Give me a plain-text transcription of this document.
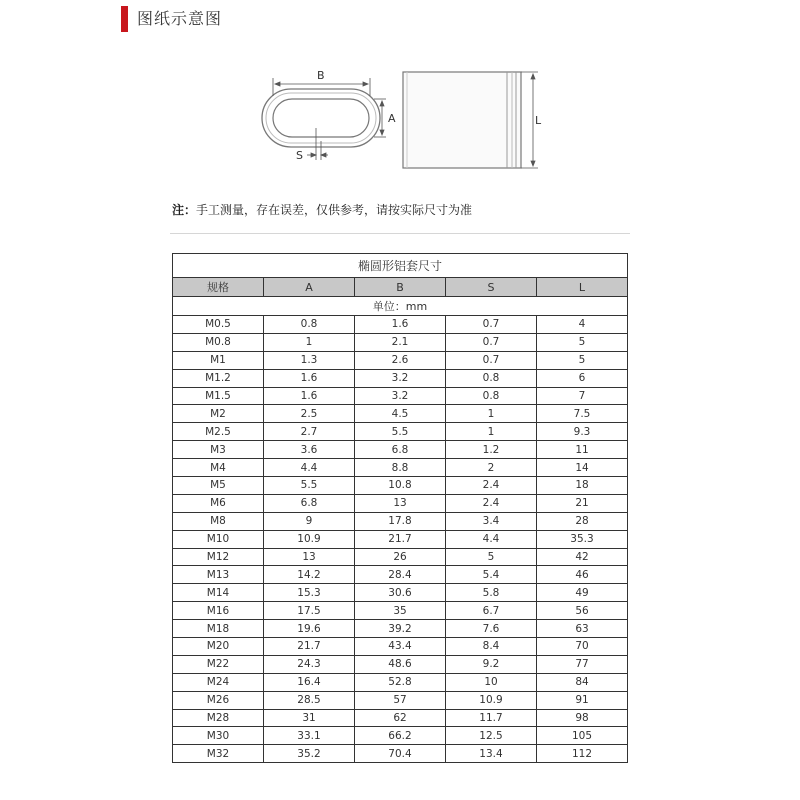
图纸示意图
B
A
S
L
注：手工测量，存在误差，仅供参考，请按实际尺寸为准
椭圆形铝套尺寸				
规格	A	B	S	L
单位：mm				
M0.5	0.8	1.6	0.7	4
M0.8	1	2.1	0.7	5
M1	1.3	2.6	0.7	5
M1.2	1.6	3.2	0.8	6
M1.5	1.6	3.2	0.8	7
M2	2.5	4.5	1	7.5
M2.5	2.7	5.5	1	9.3
M3	3.6	6.8	1.2	11
M4	4.4	8.8	2	14
M5	5.5	10.8	2.4	18
M6	6.8	13	2.4	21
M8	9	17.8	3.4	28
M10	10.9	21.7	4.4	35.3
M12	13	26	5	42
M13	14.2	28.4	5.4	46
M14	15.3	30.6	5.8	49
M16	17.5	35	6.7	56
M18	19.6	39.2	7.6	63
M20	21.7	43.4	8.4	70
M22	24.3	48.6	9.2	77
M24	16.4	52.8	10	84
M26	28.5	57	10.9	91
M28	31	62	11.7	98
M30	33.1	66.2	12.5	105
M32	35.2	70.4	13.4	112
